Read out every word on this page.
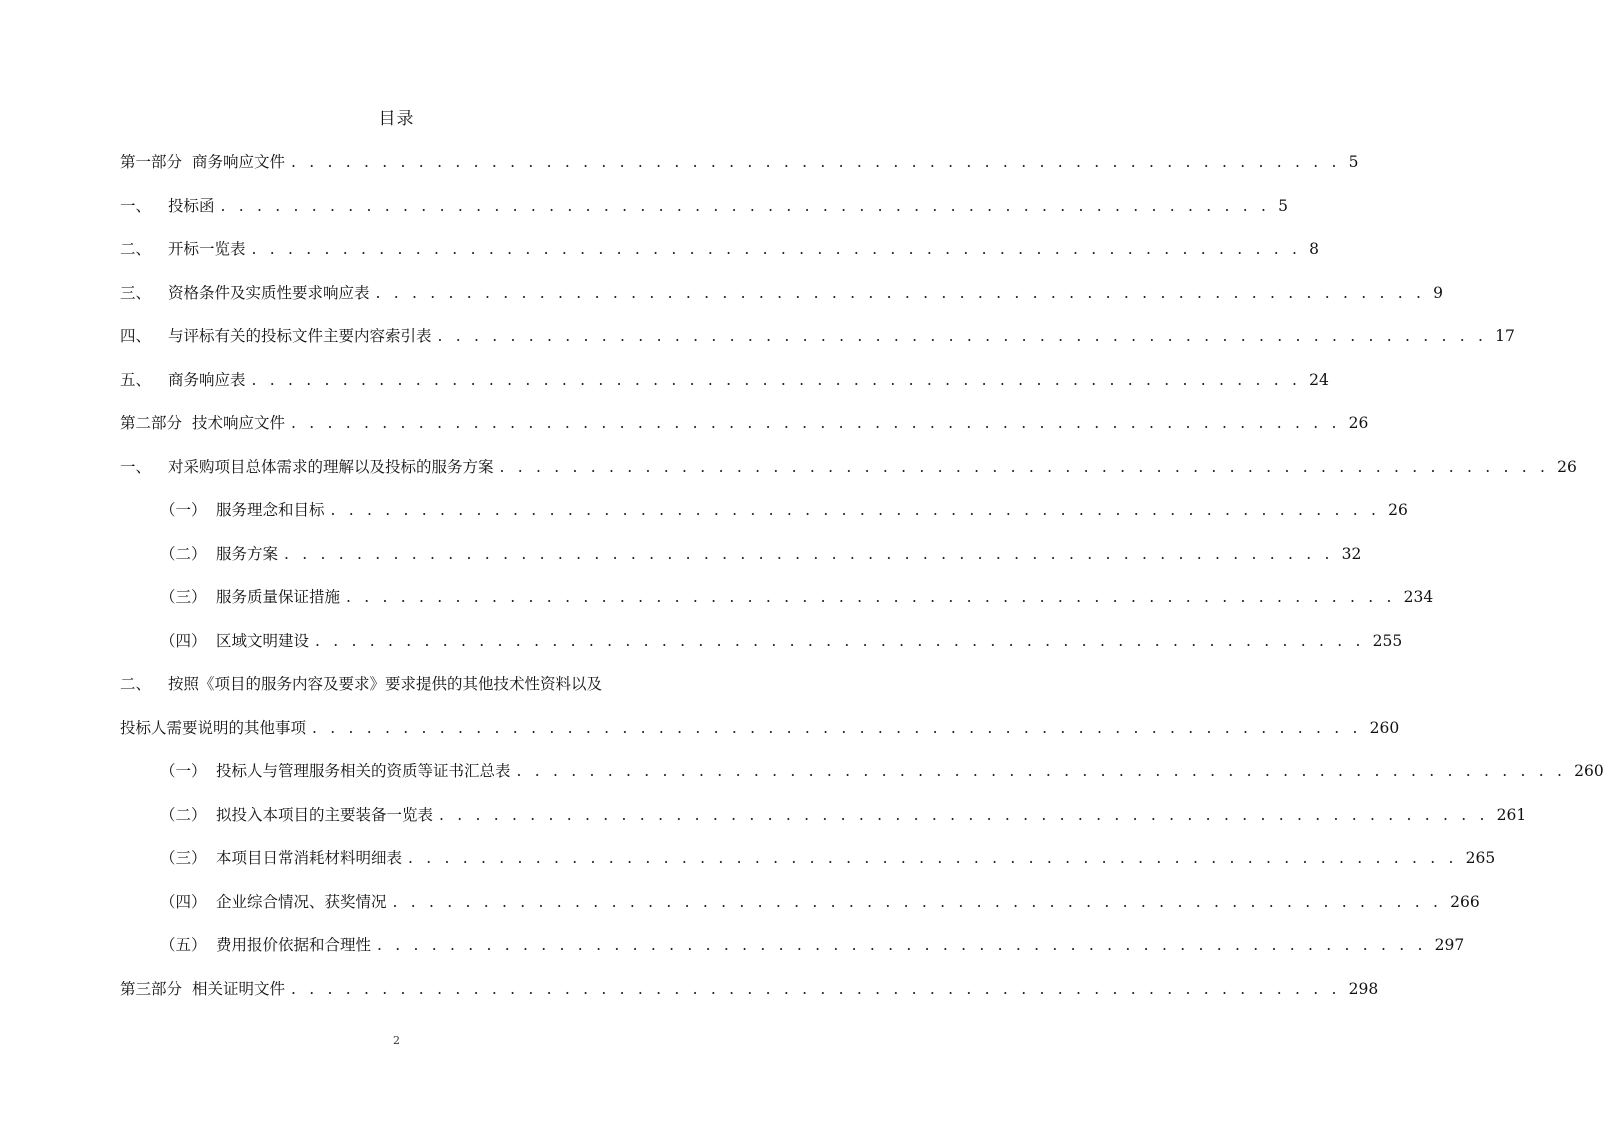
目录
第一部分 商务响应文件 . . . . . . . . . . . . . . . . . . . . . . . . . . . . . . . . . . . . . . . . . . . . . . . . . . . . . . . . . . 5
一、	投标函 . . . . . . . . . . . . . . . . . . . . . . . . . . . . . . . . . . . . . . . . . . . . . . . . . . . . . . . . . . 5
二、	开标一览表 . . . . . . . . . . . . . . . . . . . . . . . . . . . . . . . . . . . . . . . . . . . . . . . . . . . . . . . . . . 8
三、	资格条件及实质性要求响应表 . . . . . . . . . . . . . . . . . . . . . . . . . . . . . . . . . . . . . . . . . . . . . . . . . . . . . . . . . . 9
四、	与评标有关的投标文件主要内容索引表 . . . . . . . . . . . . . . . . . . . . . . . . . . . . . . . . . . . . . . . . . . . . . . . . . . . . . . . . . . 17
五、	商务响应表 . . . . . . . . . . . . . . . . . . . . . . . . . . . . . . . . . . . . . . . . . . . . . . . . . . . . . . . . . . 24
第二部分 技术响应文件 . . . . . . . . . . . . . . . . . . . . . . . . . . . . . . . . . . . . . . . . . . . . . . . . . . . . . . . . . . 26
一、	对采购项目总体需求的理解以及投标的服务方案 . . . . . . . . . . . . . . . . . . . . . . . . . . . . . . . . . . . . . . . . . . . . . . . . . . . . . . . . . . 26
（一） 服务理念和目标 . . . . . . . . . . . . . . . . . . . . . . . . . . . . . . . . . . . . . . . . . . . . . . . . . . . . . . . . . . 26
（二） 服务方案 . . . . . . . . . . . . . . . . . . . . . . . . . . . . . . . . . . . . . . . . . . . . . . . . . . . . . . . . . . 32
（三） 服务质量保证措施 . . . . . . . . . . . . . . . . . . . . . . . . . . . . . . . . . . . . . . . . . . . . . . . . . . . . . . . . . . 234
（四） 区域文明建设 . . . . . . . . . . . . . . . . . . . . . . . . . . . . . . . . . . . . . . . . . . . . . . . . . . . . . . . . . . 255
二、 按照《项目的服务内容及要求》要求提供的其他技术性资料以及
投标人需要说明的其他事项 . . . . . . . . . . . . . . . . . . . . . . . . . . . . . . . . . . . . . . . . . . . . . . . . . . . . . . . . . . 260
（一） 投标人与管理服务相关的资质等证书汇总表 . . . . . . . . . . . . . . . . . . . . . . . . . . . . . . . . . . . . . . . . . . . . . . . . . . . . . . . . . . 260
（二） 拟投入本项目的主要装备一览表 . . . . . . . . . . . . . . . . . . . . . . . . . . . . . . . . . . . . . . . . . . . . . . . . . . . . . . . . . . 261
（三） 本项目日常消耗材料明细表 . . . . . . . . . . . . . . . . . . . . . . . . . . . . . . . . . . . . . . . . . . . . . . . . . . . . . . . . . . 265
（四） 企业综合情况、获奖情况 . . . . . . . . . . . . . . . . . . . . . . . . . . . . . . . . . . . . . . . . . . . . . . . . . . . . . . . . . . 266
（五） 费用报价依据和合理性 . . . . . . . . . . . . . . . . . . . . . . . . . . . . . . . . . . . . . . . . . . . . . . . . . . . . . . . . . . 297
第三部分 相关证明文件 . . . . . . . . . . . . . . . . . . . . . . . . . . . . . . . . . . . . . . . . . . . . . . . . . . . . . . . . . . 298
2
